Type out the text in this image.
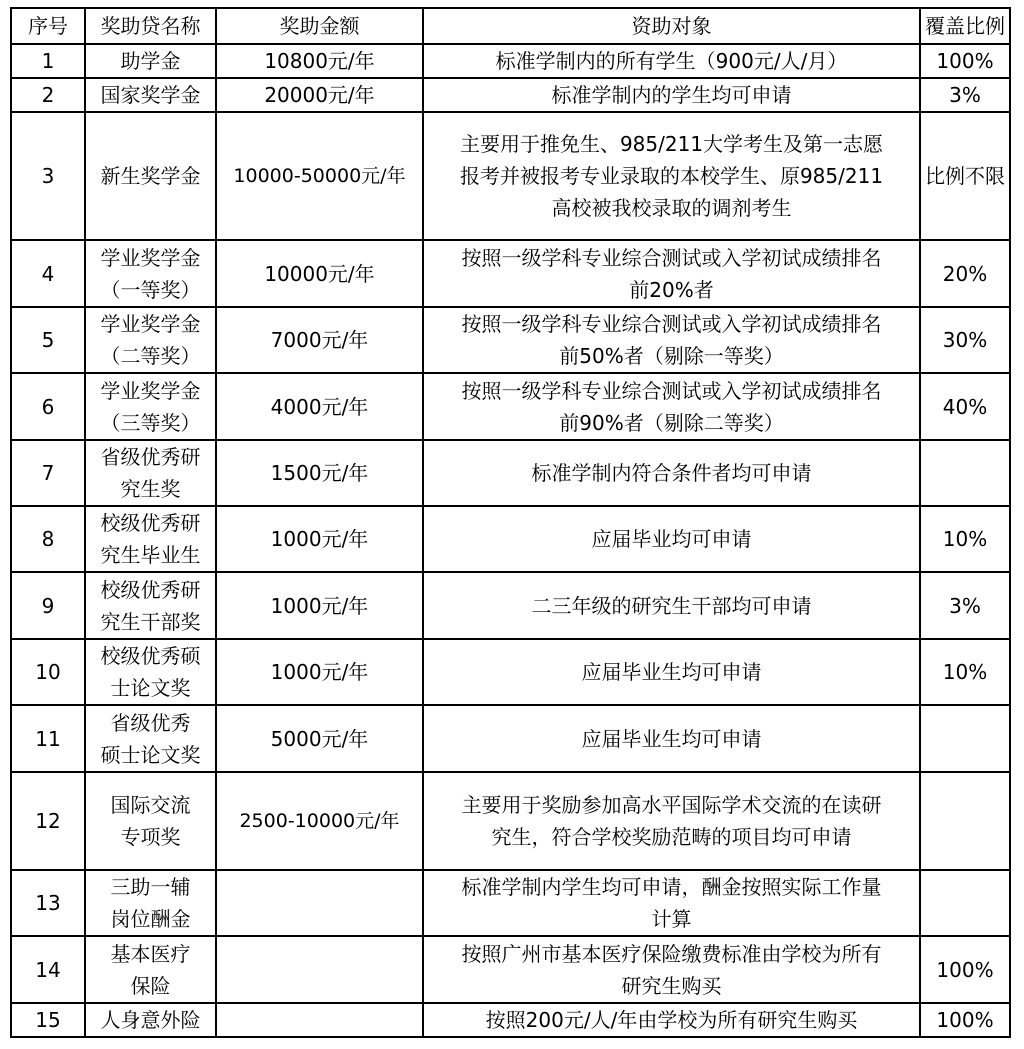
序号	奖助贷名称	奖助金额	资助对象	覆盖比例
1	助学金	10800元/年	标准学制内的所有学生（900元/人/月）	100%
2	国家奖学金	20000元/年	标准学制内的学生均可申请	3%
3	新生奖学金	10000-50000元/年	主要用于推免生、985/211大学考生及第一志愿
报考并被报考专业录取的本校学生、原985/211
高校被我校录取的调剂考生	比例不限
4	学业奖学金
（一等奖）	10000元/年	按照一级学科专业综合测试或入学初试成绩排名
前20%者	20%
5	学业奖学金
（二等奖）	7000元/年	按照一级学科专业综合测试或入学初试成绩排名
前50%者（剔除一等奖）	30%
6	学业奖学金
（三等奖）	4000元/年	按照一级学科专业综合测试或入学初试成绩排名
前90%者（剔除二等奖）	40%
7	省级优秀研
究生奖	1500元/年	标准学制内符合条件者均可申请	
8	校级优秀研
究生毕业生	1000元/年	应届毕业均可申请	10%
9	校级优秀研
究生干部奖	1000元/年	二三年级的研究生干部均可申请	3%
10	校级优秀硕
士论文奖	1000元/年	应届毕业生均可申请	10%
11	省级优秀
硕士论文奖	5000元/年	应届毕业生均可申请	
12	国际交流
专项奖	2500-10000元/年	主要用于奖励参加高水平国际学术交流的在读研
究生，符合学校奖励范畴的项目均可申请	
13	三助一辅
岗位酬金		标准学制内学生均可申请，酬金按照实际工作量
计算	
14	基本医疗
保险		按照广州市基本医疗保险缴费标准由学校为所有
研究生购买	100%
15	人身意外险		按照200元/人/年由学校为所有研究生购买	100%
